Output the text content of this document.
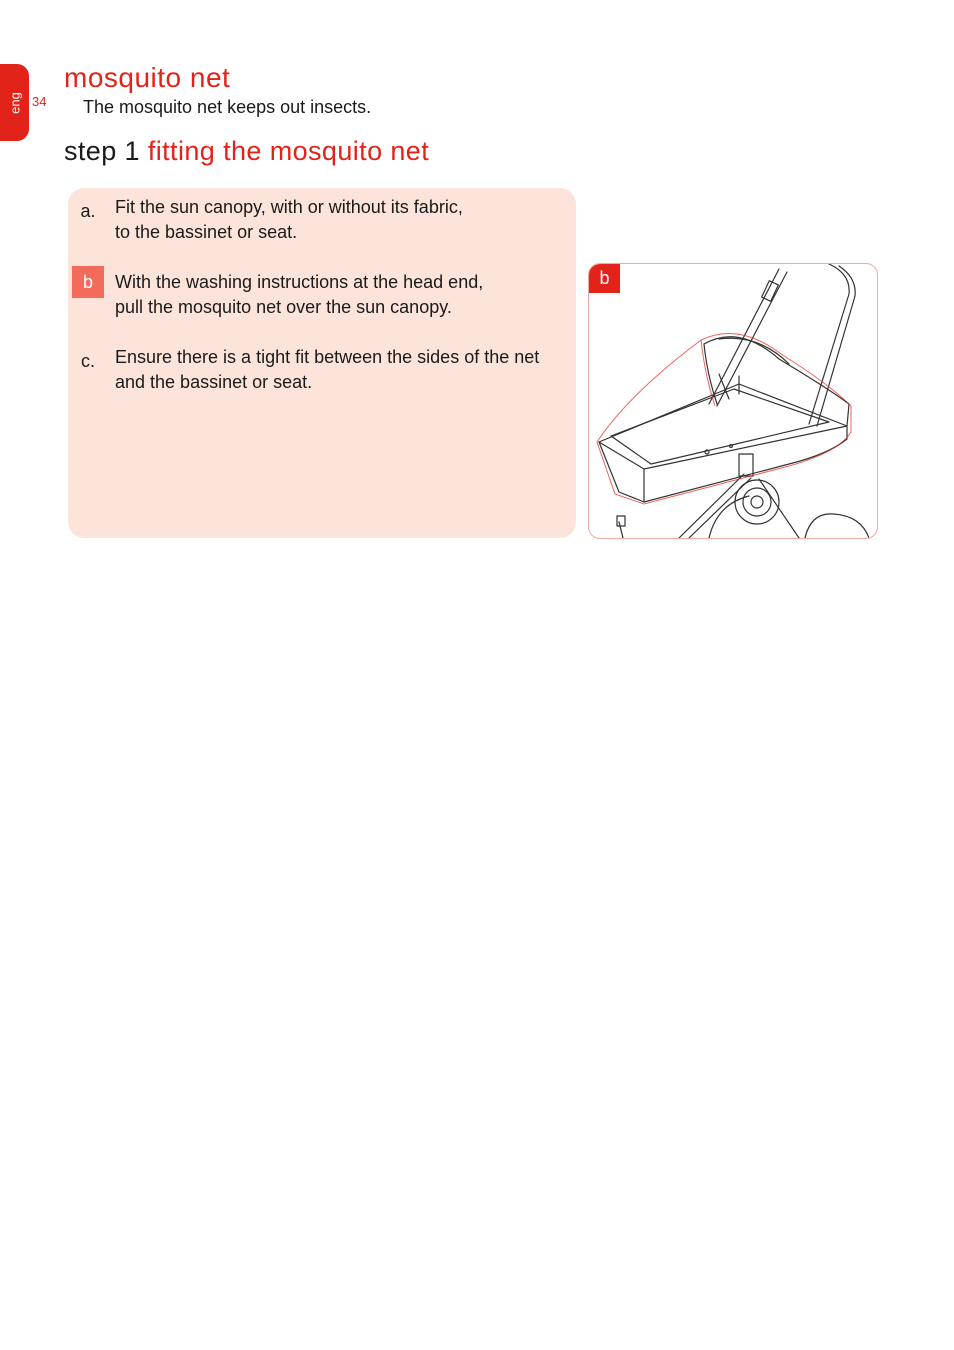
eng 34
mosquito net
The mosquito net keeps out insects.
step 1 fitting the mosquito net
a.	Fit the sun canopy, with or without its fabric,
to the bassinet or seat.
b	With the washing instructions at the head end,
pull the mosquito net over the sun canopy.
c.	Ensure there is a tight fit between the sides of the net
and the bassinet or seat.
b
